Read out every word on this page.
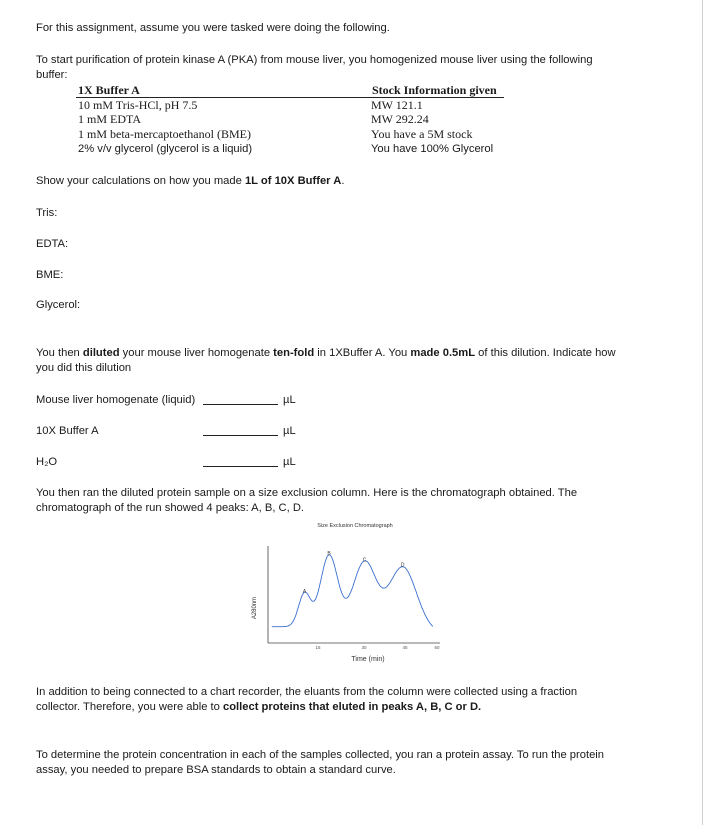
For this assignment, assume you were tasked were doing the following.

To start purification of protein kinase A (PKA) from mouse liver, you homogenized mouse liver using the following

buffer:

1X Buffer A	Stock Information given
10 mM Tris-HCl, pH 7.5	MW 121.1
1 mM EDTA	MW 292.24
1 mM beta-mercaptoethanol (BME)	You have a 5M stock
2% v/v glycerol (glycerol is a liquid)	You have 100% Glycerol

Show your calculations on how you made 1L of 10X Buffer A.

Tris:

EDTA:

BME:

Glycerol:

You then diluted your mouse liver homogenate ten-fold in 1XBuffer A. You made 0.5mL of this dilution. Indicate how

you did this dilution

Mouse liver homogenate (liquid)	µL

10X Buffer A	µL

H₂O	µL

You then ran the diluted protein sample on a size exclusion column. Here is the chromatograph obtained. The

chromatograph of the run showed 4 peaks: A, B, C, D.

Size Exclusion Chromatograph
A280nm
Time (min)
15	30	45	60
A
B
C
D

In addition to being connected to a chart recorder, the eluants from the column were collected using a fraction

collector. Therefore, you were able to collect proteins that eluted in peaks A, B, C or D.

To determine the protein concentration in each of the samples collected, you ran a protein assay. To run the protein

assay, you needed to prepare BSA standards to obtain a standard curve.
